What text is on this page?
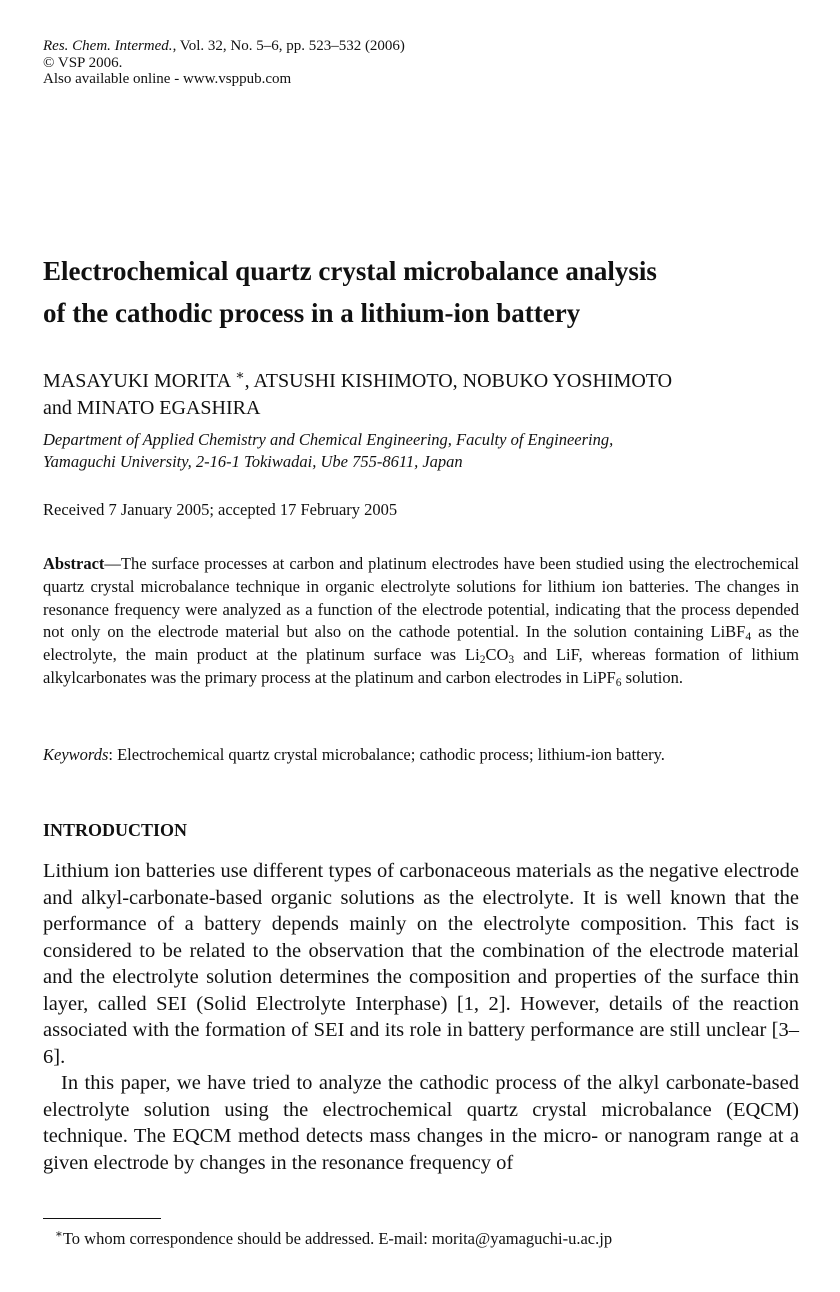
Res. Chem. Intermed., Vol. 32, No. 5–6, pp. 523–532 (2006)
© VSP 2006.
Also available online - www.vsppub.com
Electrochemical quartz crystal microbalance analysis
of the cathodic process in a lithium-ion battery
MASAYUKI MORITA ∗, ATSUSHI KISHIMOTO, NOBUKO YOSHIMOTO
and MINATO EGASHIRA
Department of Applied Chemistry and Chemical Engineering, Faculty of Engineering,
Yamaguchi University, 2-16-1 Tokiwadai, Ube 755-8611, Japan
Received 7 January 2005; accepted 17 February 2005
Abstract—The surface processes at carbon and platinum electrodes have been studied using the electrochemical quartz crystal microbalance technique in organic electrolyte solutions for lithium ion batteries. The changes in resonance frequency were analyzed as a function of the electrode potential, indicating that the process depended not only on the electrode material but also on the cathode potential. In the solution containing LiBF$_4$ as the electrolyte, the main product at the platinum surface was $Li_2CO_3$ and LiF, whereas formation of lithium alkylcarbonates was the primary process at the platinum and carbon electrodes in LiPF$_6$ solution.
Keywords: Electrochemical quartz crystal microbalance; cathodic process; lithium-ion battery.
INTRODUCTION

Lithium ion batteries use different types of carbonaceous materials as the negative electrode and alkyl-carbonate-based organic solutions as the electrolyte. It is well known that the performance of a battery depends mainly on the electrolyte composition. This fact is considered to be related to the observation that the combination of the electrode material and the electrolyte solution determines the composition and properties of the surface thin layer, called SEI (Solid Electrolyte Interphase) [1, 2]. However, details of the reaction associated with the formation of SEI and its role in battery performance are still unclear [3–6].

In this paper, we have tried to analyze the cathodic process of the alkyl carbonate-based electrolyte solution using the electrochemical quartz crystal microbalance (EQCM) technique. The EQCM method detects mass changes in the micro- or nanogram range at a given electrode by changes in the resonance frequency of

∗To whom correspondence should be addressed. E-mail: morita@yamaguchi-u.ac.jp
